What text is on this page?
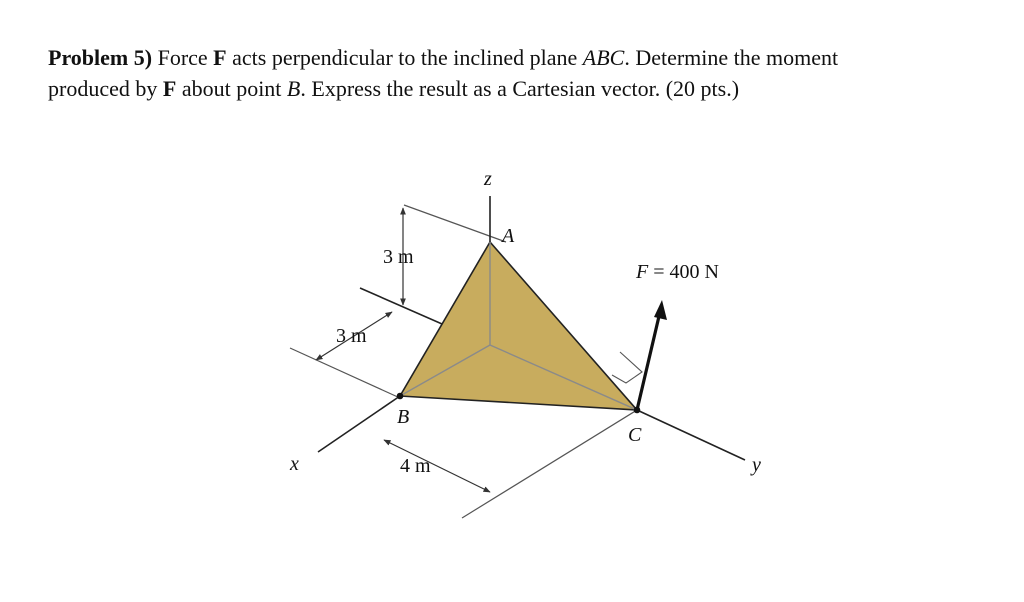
Problem 5) Force F acts perpendicular to the inclined plane ABC. Determine the moment

produced by F about point B. Express the result as a Cartesian vector. (20 pts.)

z
x	y
A
B
C
3 m
3 m
4 m
F = 400 N
